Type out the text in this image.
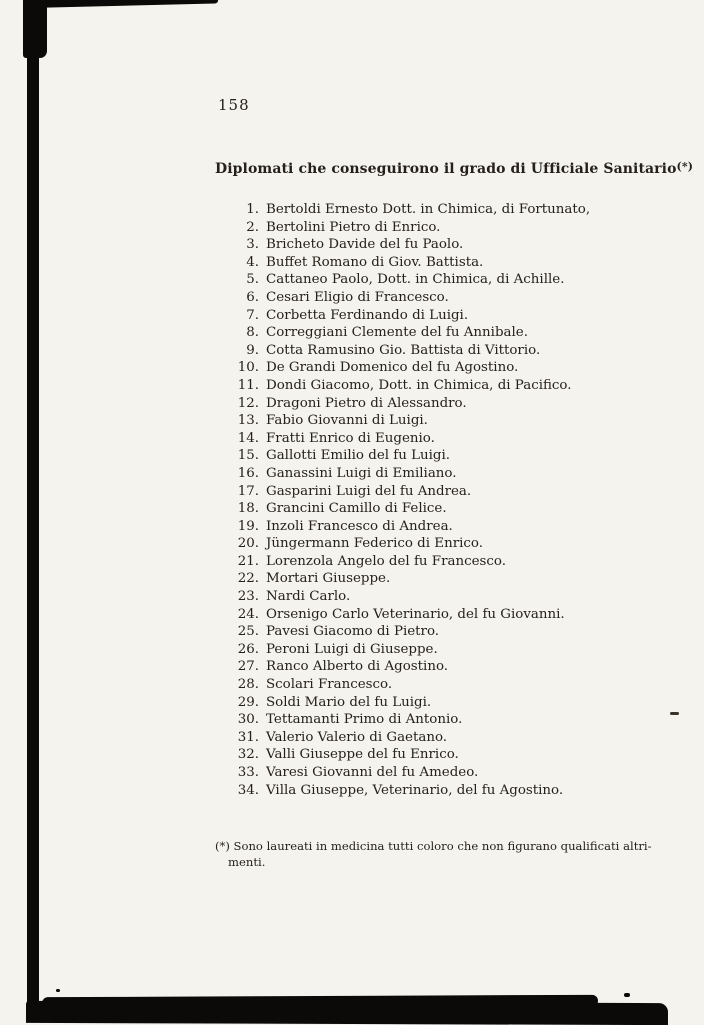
158
Diplomati che conseguirono il grado di Ufficiale Sanitario(*)
1. Bertoldi Ernesto Dott. in Chimica, di Fortunato,
2. Bertolini Pietro di Enrico.
3. Bricheto Davide del fu Paolo.
4. Buffet Romano di Giov. Battista.
5. Cattaneo Paolo, Dott. in Chimica, di Achille.
6. Cesari Eligio di Francesco.
7. Corbetta Ferdinando di Luigi.
8. Correggiani Clemente del fu Annibale.
9. Cotta Ramusino Gio. Battista di Vittorio.
10. De Grandi Domenico del fu Agostino.
11. Dondi Giacomo, Dott. in Chimica, di Pacifico.
12. Dragoni Pietro di Alessandro.
13. Fabio Giovanni di Luigi.
14. Fratti Enrico di Eugenio.
15. Gallotti Emilio del fu Luigi.
16. Ganassini Luigi di Emiliano.
17. Gasparini Luigi del fu Andrea.
18. Grancini Camillo di Felice.
19. Inzoli Francesco di Andrea.
20. Jüngermann Federico di Enrico.
21. Lorenzola Angelo del fu Francesco.
22. Mortari Giuseppe.
23. Nardi Carlo.
24. Orsenigo Carlo Veterinario, del fu Giovanni.
25. Pavesi Giacomo di Pietro.
26. Peroni Luigi di Giuseppe.
27. Ranco Alberto di Agostino.
28. Scolari Francesco.
29. Soldi Mario del fu Luigi.
30. Tettamanti Primo di Antonio.
31. Valerio Valerio di Gaetano.
32. Valli Giuseppe del fu Enrico.
33. Varesi Giovanni del fu Amedeo.
34. Villa Giuseppe, Veterinario, del fu Agostino.
(*) Sono laureati in medicina tutti coloro che non figurano qualificati altri-
menti.
